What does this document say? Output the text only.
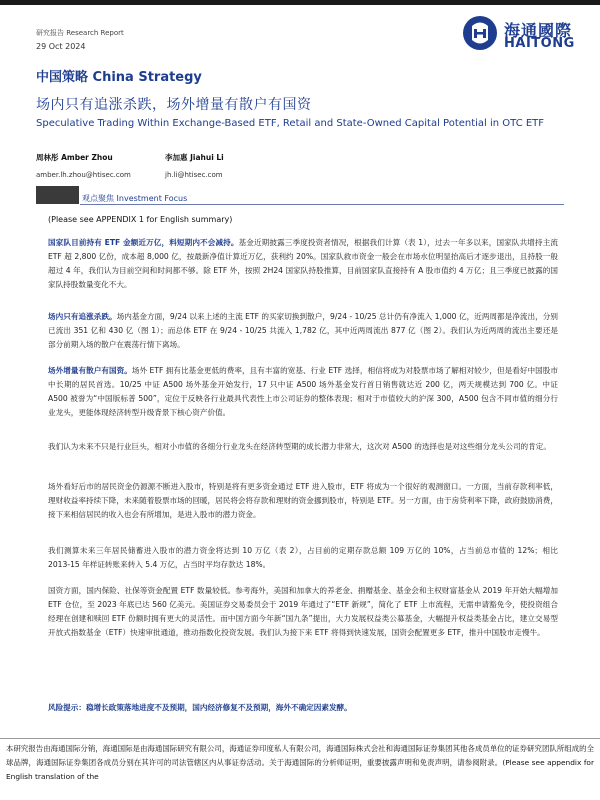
研究报告 Research Report
29 Oct 2024
海通國際
HAITONG
中国策略 China Strategy
场内只有追涨杀跌，场外增量有散户有国资
Speculative Trading Within Exchange-Based ETF, Retail and State-Owned Capital Potential in OTC ETF
周林彤 Amber Zhou
amber.lh.zhou@htisec.com
李加惠 Jiahui Li
jh.li@htisec.com
观点聚焦 Investment Focus
(Please see APPENDIX 1 for English summary)
国家队目前持有 ETF 金额近万亿，料短期内不会减持。基金近期披露三季度投资者情况，根据我们计算（表 1），过去一年多以来，国家队共增持主流 ETF 超 2,800 亿份，成本超 8,000 亿，按最新净值计算近万亿，获利约 20%。国家队救市资金一般会在市场水位明显抬高后才逐步退出，且持股一般超过 4 年，我们认为目前空间和时间都不够。除 ETF 外，按照 2H24 国家队持股推算，目前国家队直接持有 A 股市值约 4 万亿；且三季度已披露的国家队持股数量变化不大。
场内只有追涨杀跌。场内基金方面，9/24 以来上述的主流 ETF 的买家切换到散户，9/24 - 10/25 总计仍有净流入 1,000 亿，近两周都是净流出，分别已流出 351 亿和 430 亿（图 1）；而总体 ETF 在 9/24 - 10/25 共流入 1,782 亿，其中近两周流出 877 亿（图 2）。我们认为近两周的流出主要还是部分前期入场的散户在震荡行情下离场。
场外增量有散户有国资。场外 ETF 拥有比基金更低的费率，且有丰富的宽基、行业 ETF 选择，相信将成为对股票市场了解相对较少，但是看好中国股市中长期的居民首选。10/25 中证 A500 场外基金开始发行，17 只中证 A500 场外基金发行首日销售就达近 200 亿，两天规模达到 700 亿。中证 A500 被誉为“中国版标普 500”，定位于反映各行业最具代表性上市公司证券的整体表现；相对于市值较大的沪深 300，A500 包含不同市值的细分行业龙头，更能体现经济转型升级背景下核心资产价值。
我们认为未来不只是行业巨头，相对小市值的各细分行业龙头在经济转型期的成长潜力非常大，这次对 A500 的选择也是对这些细分龙头公司的肯定。
场外看好后市的居民资金仍源源不断进入股市，特别是将有更多资金通过 ETF 进入股市，ETF 将成为一个很好的观测窗口。一方面，当前存款利率低，理财收益率持续下降，未来随着股票市场的回暖，居民将会将存款和理财的资金挪到股市，特别是 ETF。另一方面，由于房贷利率下降，政府鼓励消费，接下来相信居民的收入也会有所增加，是进入股市的潜力资金。
我们测算未来三年居民储蓄进入股市的潜力资金将达到 10 万亿（表 2），占目前的定期存款总额 109 万亿的 10%，占当前总市值的 12%；相比 2013-15 年样证转账来转入 5.4 万亿，占当时平均存款达 18%。
国资方面，国内保险、社保等资金配置 ETF 数量较低。参考海外，美国和加拿大的养老金、捐赠基金、基金会和主权财富基金从 2019 年开始大幅增加 ETF 仓位，至 2023 年底已达 560 亿美元。美国证券交易委员会于 2019 年通过了“ETF 新规”，简化了 ETF 上市流程，无需申请豁免令，使投资组合经理在创建和赎回 ETF 份额时拥有更大的灵活性。而中国方面今年新“国九条”提出，大力发展权益类公募基金，大幅提升权益类基金占比，建立交易型开放式指数基金（ETF）快速审批通道，推动指数化投资发展。我们认为接下来 ETF 将得到快速发展，国资会配置更多 ETF，推升中国股市走慢牛。
风险提示：稳增长政策落地进度不及预期，国内经济修复不及预期，海外不确定因素发酵。
本研究报告由海通国际分销，海通国际是由海通国际研究有限公司，海通证券印度私人有限公司，海通国际株式会社和海通国际证券集团其他各成员单位的证券研究团队所组成的全球品牌，海通国际证券集团各成员分别在其许可的司法管辖区内从事证券活动。关于海通国际的分析师证明，重要披露声明和免责声明，请参阅附录。(Please see appendix for English translation of the
